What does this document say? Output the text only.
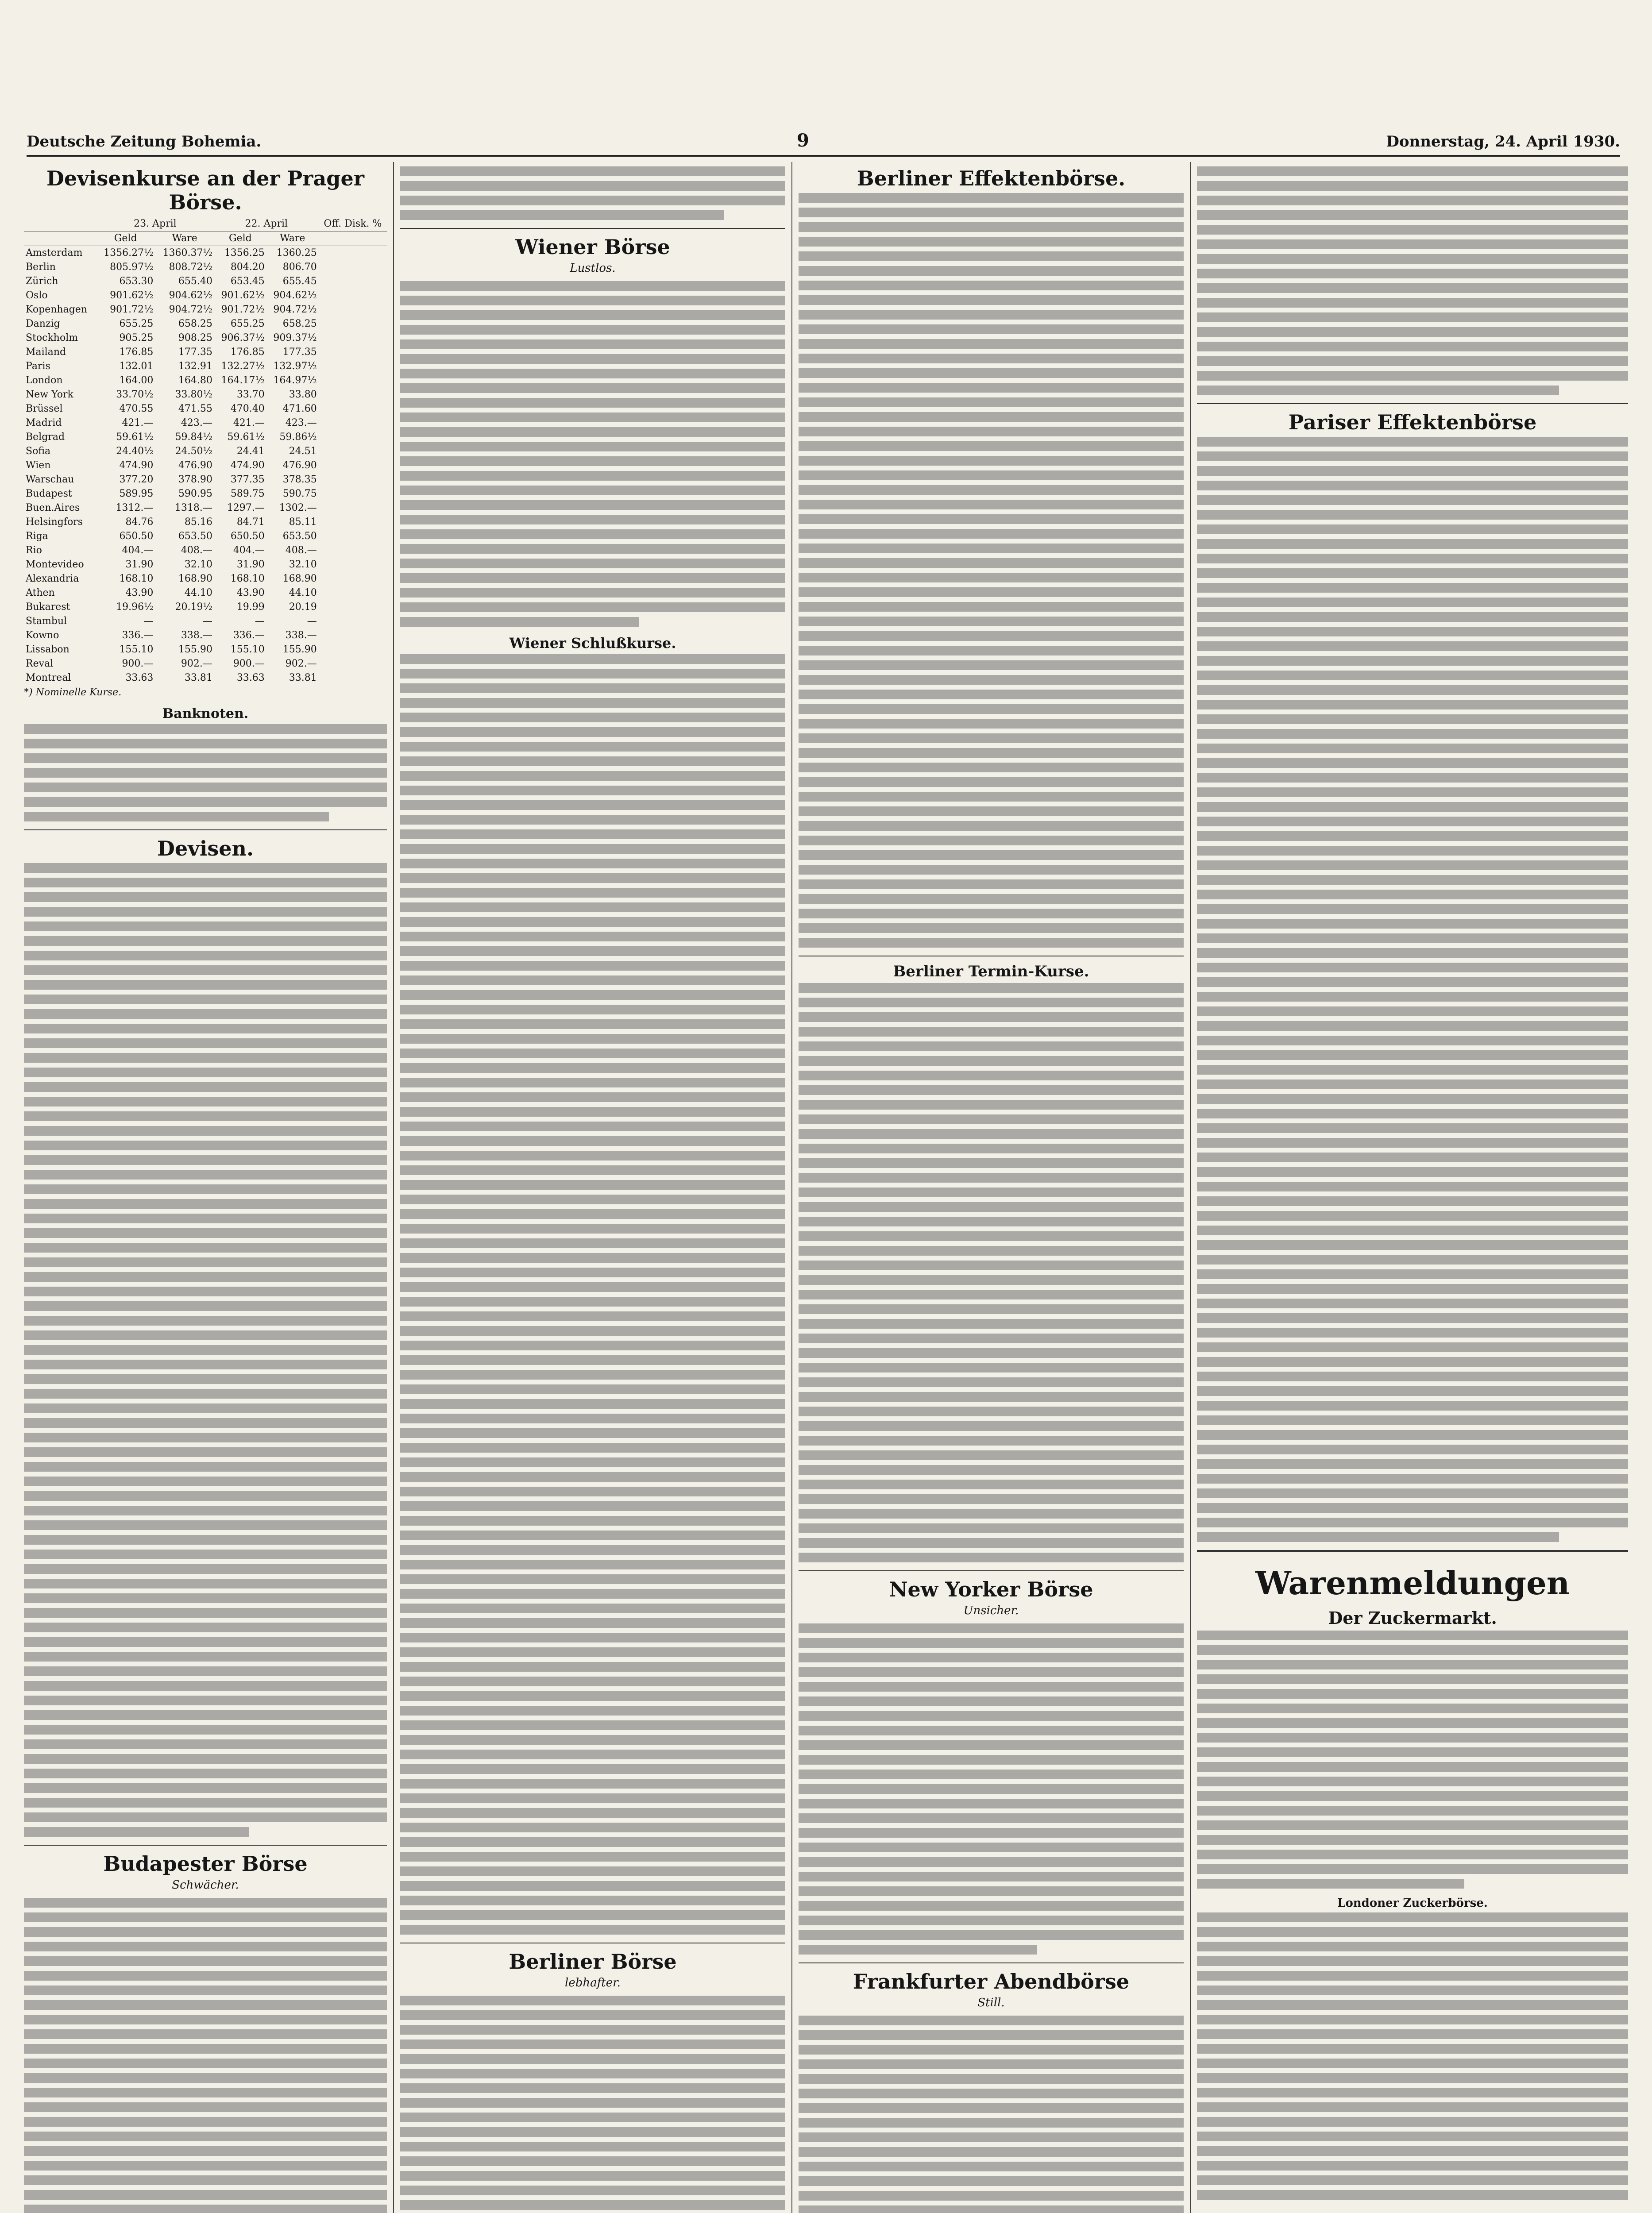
Deutsche Zeitung Bohemia.	9	Donnerstag, 24. April 1930.
Devisenkurse an der Prager Börse.
	23. April		22. April		Off. Disk. %
	Geld	Ware	Geld	Ware	
Amsterdam	1356.27½	1360.37½	1356.25	1360.25	
Berlin	805.97½	808.72½	804.20	806.70	
Zürich	653.30	655.40	653.45	655.45	
Oslo	901.62½	904.62½	901.62½	904.62½	
Kopenhagen	901.72½	904.72½	901.72½	904.72½	
Danzig	655.25	658.25	655.25	658.25	
Stockholm	905.25	908.25	906.37½	909.37½	
Mailand	176.85	177.35	176.85	177.35	
Paris	132.01	132.91	132.27½	132.97½	
London	164.00	164.80	164.17½	164.97½	
New York	33.70½	33.80½	33.70	33.80	
Brüssel	470.55	471.55	470.40	471.60	
Madrid	421.—	423.—	421.—	423.—	
Belgrad	59.61½	59.84½	59.61½	59.86½	
Sofia	24.40½	24.50½	24.41	24.51	
Wien	474.90	476.90	474.90	476.90	
Warschau	377.20	378.90	377.35	378.35	
Budapest	589.95	590.95	589.75	590.75	
Buen.Aires	1312.—	1318.—	1297.—	1302.—	
Helsingfors	84.76	85.16	84.71	85.11	
Riga	650.50	653.50	650.50	653.50	
Rio	404.—	408.—	404.—	408.—	
Montevideo	31.90	32.10	31.90	32.10	
Alexandria	168.10	168.90	168.10	168.90	
Athen	43.90	44.10	43.90	44.10	
Bukarest	19.96½	20.19½	19.99	20.19	
Stambul	—	—	—	—	
Kowno	336.—	338.—	336.—	338.—	
Lissabon	155.10	155.90	155.10	155.90	
Reval	900.—	902.—	900.—	902.—	
Montreal	33.63	33.81	33.63	33.81	
*) Nominelle Kurse.
Banknoten.
Devisen.
Budapester Börse
Schwächer.
Wiener Börse
Lustlos.
Wiener Schlußkurse.
Berliner Börse
lebhafter.
Berliner Effektenbörse.
Berliner Termin-Kurse.
New Yorker Börse
Unsicher.
Frankfurter Abendbörse
Still.
Pariser Effektenbörse
Warenmeldungen
Der Zuckermarkt.
Londoner Zuckerbörse.
